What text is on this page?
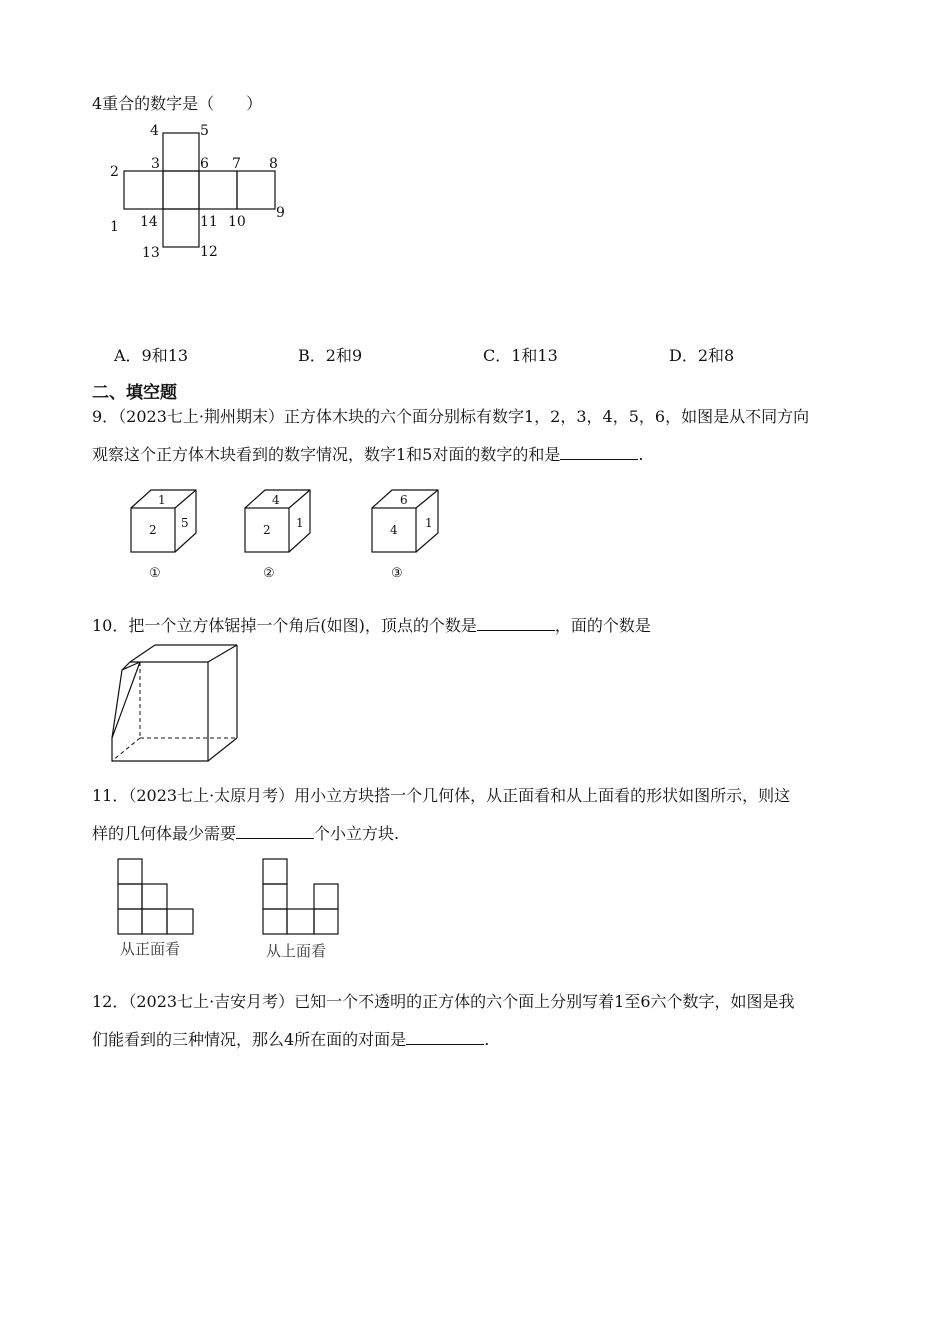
4重合的数字是（　　）
1
2 3
4	5
6 7 8
9
10
11
12
13
14
A．9和13	B．2和9	C．1和13	D．2和8
二、填空题
9．（2023七上·荆州期末）正方体木块的六个面分别标有数字1，2，3，4，5，6，如图是从不同方向
观察这个正方体木块看到的数字情况，数字1和5对面的数字的和是	.
1
2 5
4
2 1
6
4 1
①	②	③
10．把一个立方体锯掉一个角后(如图)，顶点的个数是	，面的个数是
11．（2023七上·太原月考）用小立方块搭一个几何体，从正面看和从上面看的形状如图所示，则这
样的几何体最少需要	个小立方块.
从正面看	从上面看
12．（2023七上·吉安月考）已知一个不透明的正方体的六个面上分别写着1至6六个数字，如图是我
们能看到的三种情况，那么4所在面的对面是	.
